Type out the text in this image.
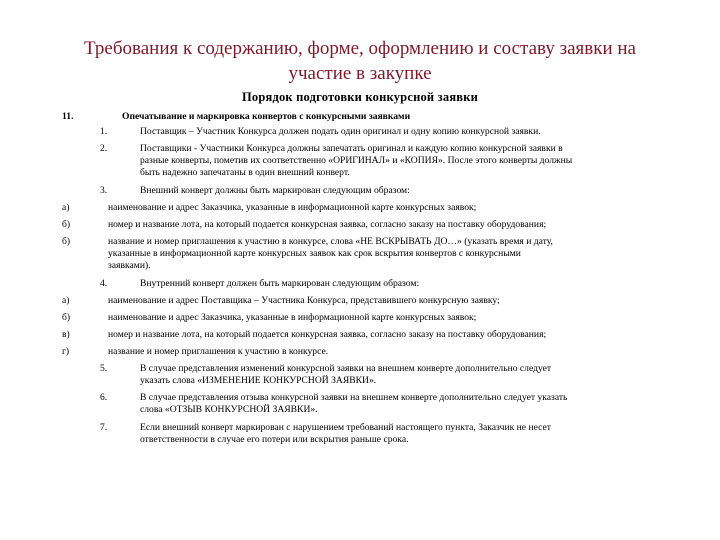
Требования к содержанию, форме, оформлению и составу заявки на
участие в закупке
Порядок подготовки конкурсной заявки
11.	Опечатывание и маркировка конвертов с конкурсными заявками
1.	Поставщик – Участник Конкурса должен подать один оригинал и одну копию конкурсной заявки.
2.	Поставщики - Участники Конкурса должны запечатать оригинал и каждую копию конкурсной заявки в
разные конверты, пометив их соответственно «ОРИГИНАЛ» и «КОПИЯ». После этого конверты должны
быть надежно запечатаны в один внешний конверт.
3.	Внешний конверт должны быть маркирован следующим образом:
а)	наименование и адрес Заказчика, указанные в информационной карте конкурсных заявок;
б)	номер и название лота, на который подается конкурсная заявка, согласно заказу на поставку оборудования;
б)	название и номер приглашения к участию в конкурсе, слова «НЕ ВСКРЫВАТЬ ДО…» (указать время и дату,
указанные в информационной карте конкурсных заявок как срок вскрытия конвертов с конкурсными
заявками).
4.	Внутренний конверт должен быть маркирован следующим образом:
а)	наименование и адрес Поставщика – Участника Конкурса, представившего конкурсную заявку;
б)	наименование и адрес Заказчика, указанные в информационной карте конкурсных заявок;
в)	номер и название лота, на который подается конкурсная заявка, согласно заказу на поставку оборудования;
г)	название и номер приглашения к участию в конкурсе.
5.	В случае представления изменений конкурсной заявки на внешнем конверте дополнительно следует
указать слова «ИЗМЕНЕНИЕ КОНКУРСНОЙ ЗАЯВКИ».
6.	В случае представления отзыва конкурсной заявки на внешнем конверте дополнительно следует указать
слова «ОТЗЫВ КОНКУРСНОЙ ЗАЯВКИ».
7.	Если внешний конверт маркирован с нарушением требований настоящего пункта, Заказчик не несет
ответственности в случае его потери или вскрытия раньше срока.
